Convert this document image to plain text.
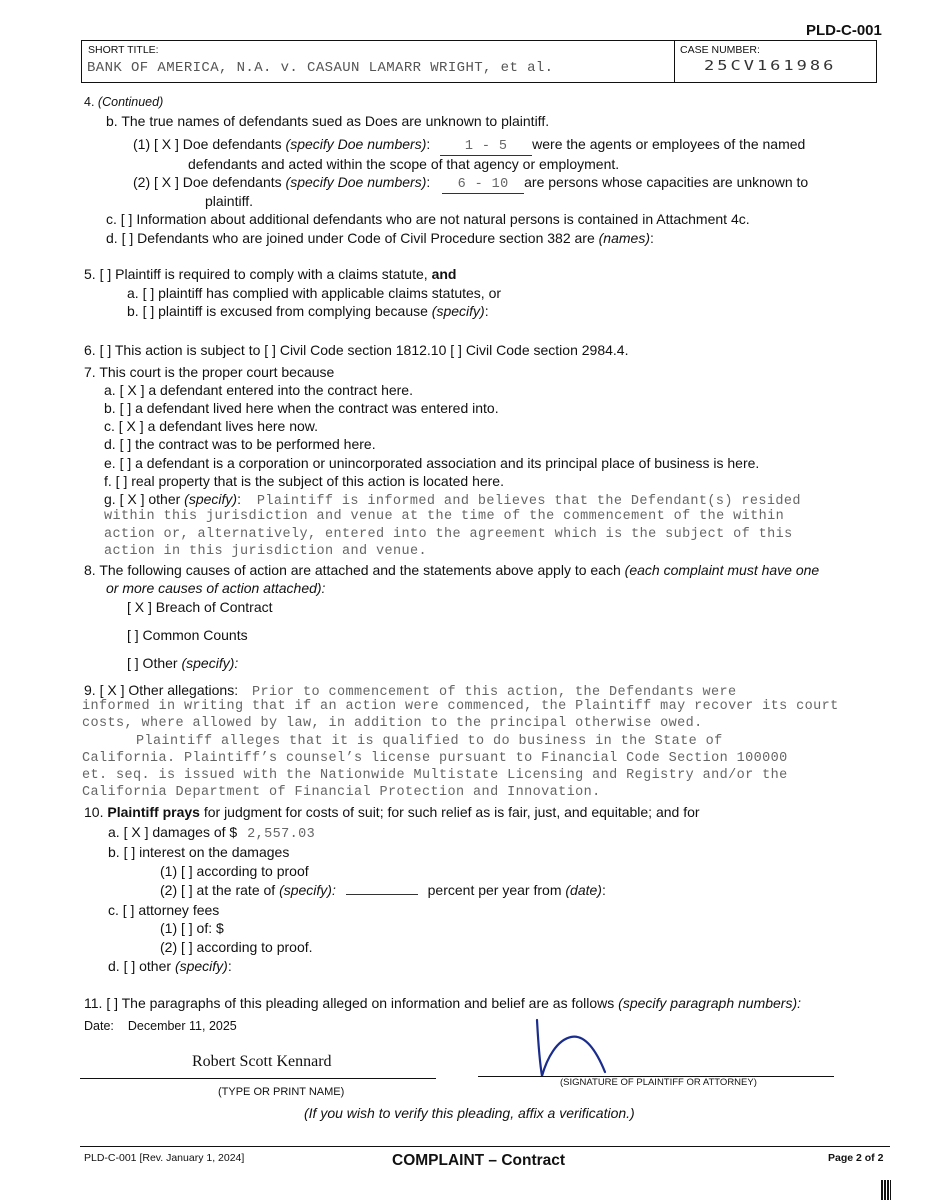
PLD-C-001
SHORT TITLE:
BANK OF AMERICA, N.A. v. CASAUN LAMARR WRIGHT, et al.
CASE NUMBER:
25CV161986
4. (Continued)
b. The true names of defendants sued as Does are unknown to plaintiff.
(1) [ X ] Doe defendants (specify Doe numbers):	1 - 5 were the agents or employees of the named
defendants and acted within the scope of that agency or employment.
(2) [ X ] Doe defendants (specify Doe numbers): 6 - 10 are persons whose capacities are unknown to
plaintiff.
c. [ ] Information about additional defendants who are not natural persons is contained in Attachment 4c.
d. [ ] Defendants who are joined under Code of Civil Procedure section 382 are (names):
5. [ ] Plaintiff is required to comply with a claims statute, and
a. [ ] plaintiff has complied with applicable claims statutes, or
b. [ ] plaintiff is excused from complying because (specify):
6. [ ] This action is subject to [ ] Civil Code section 1812.10 [ ] Civil Code section 2984.4.
7. This court is the proper court because
a. [ X ] a defendant entered into the contract here.
b. [ ] a defendant lived here when the contract was entered into.
c. [ X ] a defendant lives here now.
d. [ ] the contract was to be performed here.
e. [ ] a defendant is a corporation or unincorporated association and its principal place of business is here.
f. [ ] real property that is the subject of this action is located here.
g. [ X ] other (specify): Plaintiff is informed and believes that the Defendant(s) resided
within this jurisdiction and venue at the time of the commencement of the within
action or, alternatively, entered into the agreement which is the subject of this
action in this jurisdiction and venue.
8. The following causes of action are attached and the statements above apply to each (each complaint must have one
or more causes of action attached):
[ X ] Breach of Contract
[ ] Common Counts
[ ] Other (specify):
9. [ X ] Other allegations: Prior to commencement of this action, the Defendants were
informed in writing that if an action were commenced, the Plaintiff may recover its court
costs, where allowed by law, in addition to the principal otherwise owed.
Plaintiff alleges that it is qualified to do business in the State of
California. Plaintiff’s counsel’s license pursuant to Financial Code Section 100000
et. seq. is issued with the Nationwide Multistate Licensing and Registry and/or the
California Department of Financial Protection and Innovation.
10. Plaintiff prays for judgment for costs of suit; for such relief as is fair, just, and equitable; and for
a. [ X ] damages of $ 2,557.03
b. [ ] interest on the damages
(1) [ ] according to proof
(2) [ ] at the rate of (specify):	percent per year from (date):
c. [ ] attorney fees
(1) [ ] of: $
(2) [ ] according to proof.
d. [ ] other (specify):
11. [ ] The paragraphs of this pleading alleged on information and belief are as follows (specify paragraph numbers):
Date: December 11, 2025
Robert Scott Kennard
(TYPE OR PRINT NAME)
(SIGNATURE OF PLAINTIFF OR ATTORNEY)
(If you wish to verify this pleading, affix a verification.)
PLD-C-001 [Rev. January 1, 2024]	COMPLAINT – Contract	Page 2 of 2
